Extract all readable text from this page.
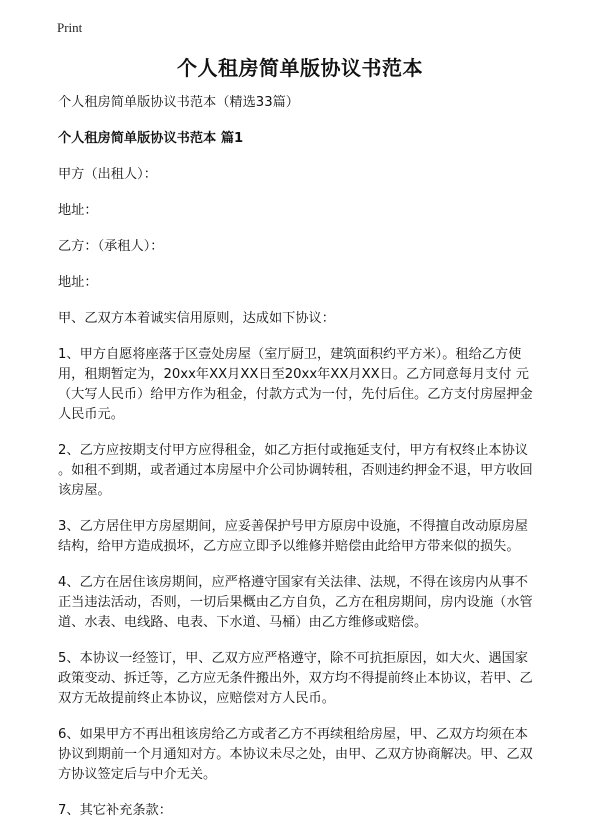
Print
个人租房简单版协议书范本
个人租房简单版协议书范本（精选33篇）
个人租房简单版协议书范本 篇1
甲方（出租人）：
地址：
乙方：（承租人）：
地址：
甲、乙双方本着诚实信用原则，达成如下协议：
1、甲方自愿将座落于区壹处房屋（室厅厨卫，建筑面积约平方米）。租给乙方使
用，租期暂定为，20xx年XX月XX日至20xx年XX月XX日。乙方同意每月支付 元
（大写人民币）给甲方作为租金，付款方式为一付，先付后住。乙方支付房屋押金
人民币元。
2、乙方应按期支付甲方应得租金，如乙方拒付或拖延支付，甲方有权终止本协议
。如租不到期，或者通过本房屋中介公司协调转租，否则违约押金不退，甲方收回
该房屋。
3、乙方居住甲方房屋期间，应妥善保护号甲方原房中设施，不得擅自改动原房屋
结构，给甲方造成损坏，乙方应立即予以维修并赔偿由此给甲方带来似的损失。
4、乙方在居住该房期间，应严格遵守国家有关法律、法规，不得在该房内从事不
正当违法活动，否则，一切后果概由乙方自负，乙方在租房期间，房内设施（水管
道、水表、电线路、电表、下水道、马桶）由乙方维修或赔偿。
5、本协议一经签订，甲、乙双方应严格遵守，除不可抗拒原因，如大火、遇国家
政策变动、拆迁等，乙方应无条件搬出外，双方均不得提前终止本协议，若甲、乙
双方无故提前终止本协议，应赔偿对方人民币。
6、如果甲方不再出租该房给乙方或者乙方不再续租给房屋，甲、乙双方均须在本
协议到期前一个月通知对方。本协议未尽之处，由甲、乙双方协商解决。甲、乙双
方协议签定后与中介无关。
7、其它补充条款：
